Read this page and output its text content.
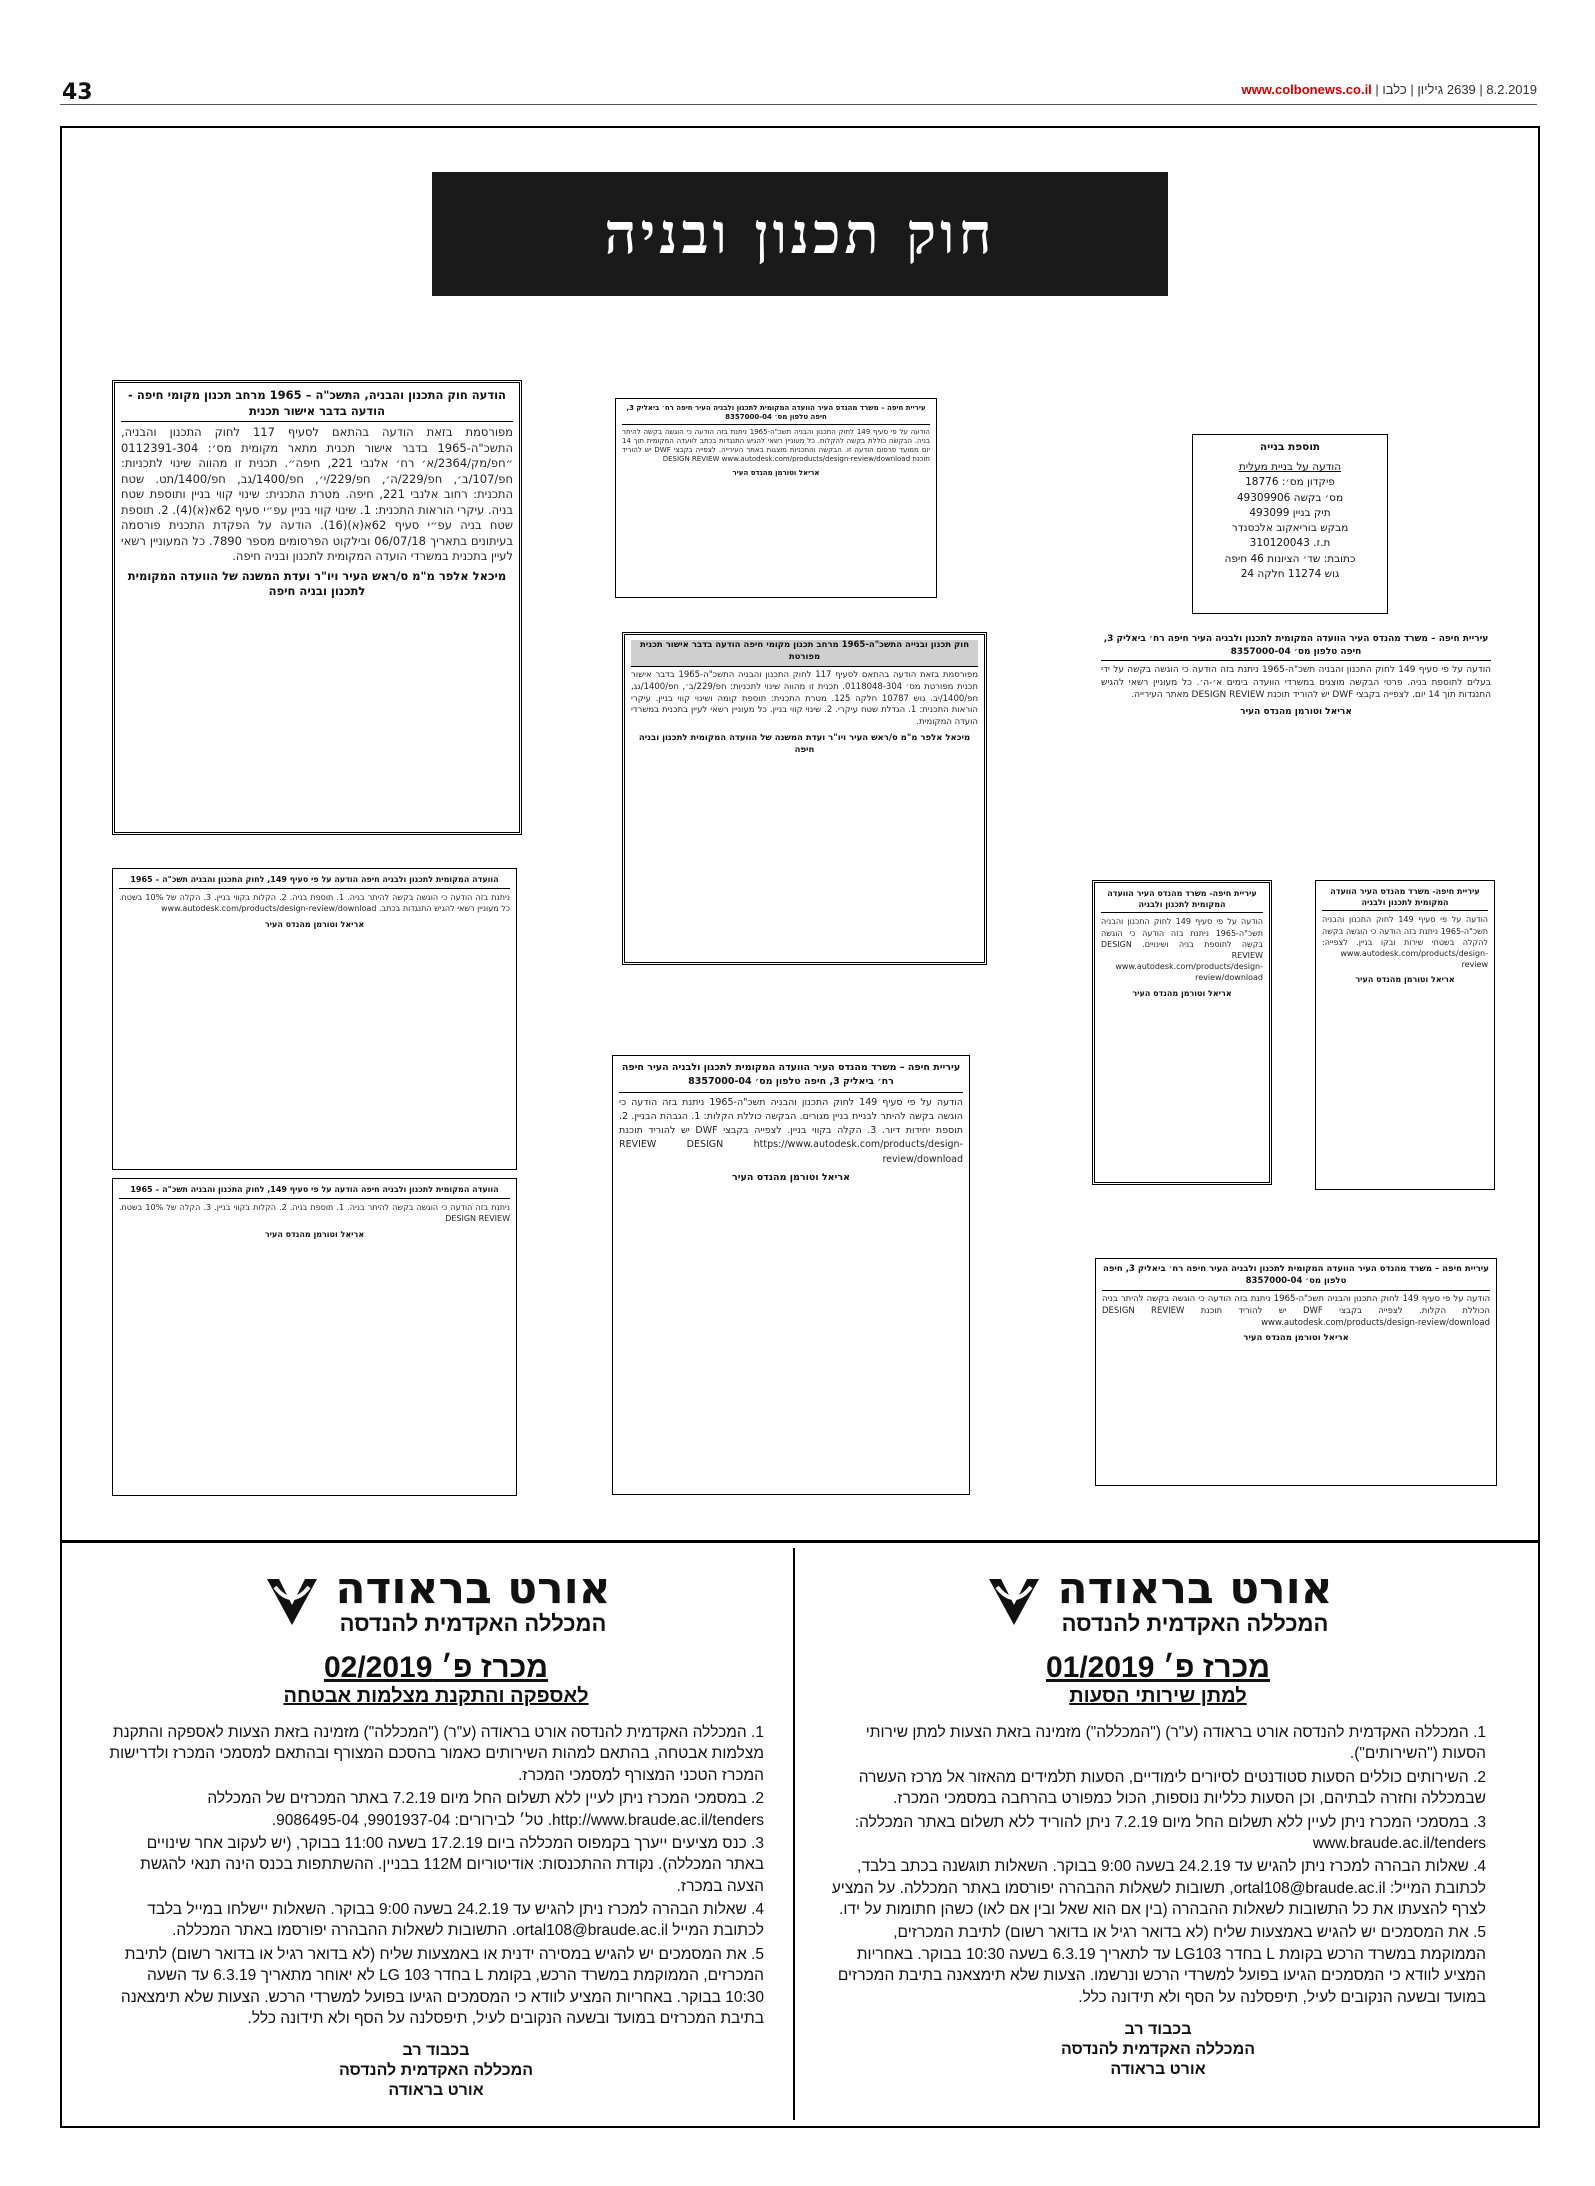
43	8.2.2019 | 2639 גיליון | כלבו | www.colbonews.co.il
חוק תכנון ובניה
הודעה חוק התכנון והבניה, התשכ"ה – 1965 מרחב תכנון מקומי חיפה - הודעה בדבר אישור תכנית
מפורסמת בזאת הודעה בהתאם לסעיף 117 לחוק התכנון והבניה, התשכ"ה-1965 בדבר אישור תכנית מתאר מקומית מס׳: 0112391-304 ״חפ/מק/2364/א׳ רח׳ אלנבי 221, חיפה״. תכנית זו מהווה שינוי לתכניות: חפ/107/ב׳, חפ/229/ה׳, חפ/229/י׳, חפ/1400/גב, חפ/1400/תט. שטח התכנית: רחוב אלנבי 221, חיפה. מטרת התכנית: שינוי קווי בניין ותוספת שטח בניה. עיקרי הוראות התכנית: 1. שינוי קווי בניין עפ״י סעיף 62א(א)(4). 2. תוספת שטח בניה עפ״י סעיף 62א(א)(16). הודעה על הפקדת התכנית פורסמה בעיתונים בתאריך 06/07/18 ובילקוט הפרסומים מספר 7890. כל המעוניין רשאי לעיין בתכנית במשרדי הועדה המקומית לתכנון ובניה חיפה.
מיכאל אלפר מ"מ ס/ראש העיר ויו"ר ועדת המשנה של הוועדה המקומית לתכנון ובניה חיפה
עיריית חיפה – משרד מהנדס העיר הוועדה המקומית לתכנון ולבניה העיר חיפה רח׳ ביאליק 3, חיפה טלפון מס׳ 8357000-04
הודעה על פי סעיף 149 לחוק התכנון והבניה תשכ"ה-1965 ניתנת בזה הודעה כי הוגשה בקשה להיתר בניה. הבקשה כוללת בקשה להקלות. כל מעוניין רשאי להגיש התנגדות בכתב לוועדה המקומית תוך 14 יום ממועד פרסום הודעה זו. הבקשה והתכניות מוצגות באתר העירייה. לצפייה בקבצי DWF יש להוריד תוכנת DESIGN REVIEW www.autodesk.com/products/design-review/download
אריאל וטורמן מהנדס העיר
תוספת בנייה
הודעה על בניית מעלית
פיקדון מס׳: 18776
מס׳ בקשה 49309906
תיק בניין 493099
מבקש בוריאקוב אלכסנדר
ת.ז. 310120043
כתובת: שד׳ הציונות 46 חיפה
גוש 11274 חלקה 24
עיריית חיפה – משרד מהנדס העיר הוועדה המקומית לתכנון ולבניה העיר חיפה רח׳ ביאליק 3, חיפה טלפון מס׳ 8357000-04
הודעה על פי סעיף 149 לחוק התכנון והבניה תשכ"ה-1965 ניתנת בזה הודעה כי הוגשה בקשה על ידי בעלים לתוספת בניה. פרטי הבקשה מוצגים במשרדי הוועדה בימים א׳-ה׳. כל מעוניין רשאי להגיש התנגדות תוך 14 יום. לצפייה בקבצי DWF יש להוריד תוכנת DESIGN REVIEW מאתר העירייה.
אריאל וטורמן מהנדס העיר
חוק תכנון ובנייה התשכ"ה-1965 מרחב תכנון מקומי חיפה הודעה בדבר אישור תכנית מפורטת
מפורסמת בזאת הודעה בהתאם לסעיף 117 לחוק התכנון והבניה התשכ"ה-1965 בדבר אישור תכנית מפורטת מס׳ 0118048-304. תכנית זו מהווה שינוי לתכניות: חפ/229/ב׳, חפ/1400/גג, חפ/1400/יב. גוש 10787 חלקה 125. מטרת התכנית: תוספת קומה ושינוי קווי בניין. עיקרי הוראות התכנית: 1. הגדלת שטח עיקרי. 2. שינוי קווי בניין. כל מעוניין רשאי לעיין בתכנית במשרדי הועדה המקומית.
מיכאל אלפר מ"מ ס/ראש העיר ויו"ר ועדת המשנה של הוועדה המקומית לתכנון ובניה חיפה
הוועדה המקומית לתכנון ולבניה חיפה הודעה על פי סעיף 149, לחוק התכנון והבניה תשכ"ה – 1965
ניתנת בזה הודעה כי הוגשה בקשה להיתר בניה. 1. תוספת בניה. 2. הקלות בקווי בניין. 3. הקלה של 10% בשטח. כל מעוניין רשאי להגיש התנגדות בכתב. www.autodesk.com/products/design-review/download
אריאל וטורמן מהנדס העיר
עיריית חיפה – משרד מהנדס העיר הוועדה המקומית לתכנון ולבניה העיר חיפה רח׳ ביאליק 3, חיפה טלפון מס׳ 8357000-04
הודעה על פי סעיף 149 לחוק התכנון והבניה תשכ"ה-1965 ניתנת בזה הודעה כי הוגשה בקשה להיתר לבניית בניין מגורים. הבקשה כוללת הקלות: 1. הגבהת הבניין. 2. תוספת יחידות דיור. 3. הקלה בקווי בניין. לצפייה בקבצי DWF יש להוריד תוכנת REVIEW DESIGN https://www.autodesk.com/products/design-review/download
אריאל וטורמן מהנדס העיר
עיריית חיפה- משרד מהנדס העיר הוועדה המקומית לתכנון ולבניה
הודעה על פי סעיף 149 לחוק התכנון והבניה תשכ"ה-1965 ניתנת בזה הודעה כי הוגשה בקשה לתוספת בניה ושינויים. DESIGN REVIEW www.autodesk.com/products/design-review/download
אריאל וטורמן מהנדס העיר
עיריית חיפה- משרד מהנדס העיר הוועדה המקומית לתכנון ולבניה
הודעה על פי סעיף 149 לחוק התכנון והבניה תשכ"ה-1965 ניתנת בזה הודעה כי הוגשה בקשה להקלה בשטחי שירות ובקו בניין. לצפייה: www.autodesk.com/products/design-review
אריאל וטורמן מהנדס העיר
הוועדה המקומית לתכנון ולבניה חיפה הודעה על פי סעיף 149, לחוק התכנון והבניה תשכ"ה – 1965
ניתנת בזה הודעה כי הוגשה בקשה להיתר בניה. 1. תוספת בניה. 2. הקלות בקווי בניין. 3. הקלה של 10% בשטח. DESIGN REVIEW
אריאל וטורמן מהנדס העיר
עיריית חיפה – משרד מהנדס העיר הוועדה המקומית לתכנון ולבניה העיר חיפה רח׳ ביאליק 3, חיפה טלפון מס׳ 8357000-04
הודעה על פי סעיף 149 לחוק התכנון והבניה תשכ"ה-1965 ניתנת בזה הודעה כי הוגשה בקשה להיתר בניה הכוללת הקלות. לצפייה בקבצי DWF יש להוריד תוכנת DESIGN REVIEW www.autodesk.com/products/design-review/download
אריאל וטורמן מהנדס העיר
אורט בראודה
המכללה האקדמית להנדסה
מכרז פ׳ 01/2019
למתן שירותי הסעות
1. המכללה האקדמית להנדסה אורט בראודה (ע"ר) ("המכללה") מזמינה בזאת הצעות למתן שירותי הסעות ("השירותים").
2. השירותים כוללים הסעות סטודנטים לסיורים לימודיים, הסעות תלמידים מהאזור אל מרכז העשרה שבמכללה וחזרה לבתיהם, וכן הסעות כלליות נוספות, הכול כמפורט בהרחבה במסמכי המכרז.
3. במסמכי המכרז ניתן לעיין ללא תשלום החל מיום 7.2.19 ניתן להוריד ללא תשלום באתר המכללה: www.braude.ac.il/tenders
4. שאלות הבהרה למכרז ניתן להגיש עד 24.2.19 בשעה 9:00 בבוקר. השאלות תוגשנה בכתב בלבד, לכתובת המייל: ortal108@braude.ac.il, תשובות לשאלות ההבהרה יפורסמו באתר המכללה. על המציע לצרף להצעתו את כל התשובות לשאלות ההבהרה (בין אם הוא שאל ובין אם לאו) כשהן חתומות על ידו.
5. את המסמכים יש להגיש באמצעות שליח (לא בדואר רגיל או בדואר רשום) לתיבת המכרזים, הממוקמת במשרד הרכש בקומת L בחדר LG103 עד לתאריך 6.3.19 בשעה 10:30 בבוקר. באחריות המציע לוודא כי המסמכים הגיעו בפועל למשרדי הרכש ונרשמו. הצעות שלא תימצאנה בתיבת המכרזים במועד ובשעה הנקובים לעיל, תיפסלנה על הסף ולא תידונה כלל.
בכבוד רב
המכללה האקדמית להנדסה
אורט בראודה
אורט בראודה
המכללה האקדמית להנדסה
מכרז פ׳ 02/2019
לאספקה והתקנת מצלמות אבטחה
1. המכללה האקדמית להנדסה אורט בראודה (ע"ר) ("המכללה") מזמינה בזאת הצעות לאספקה והתקנת מצלמות אבטחה, בהתאם למהות השירותים כאמור בהסכם המצורף ובהתאם למסמכי המכרז ולדרישות המכרז הטכני המצורף למסמכי המכרז.
2. במסמכי המכרז ניתן לעיין ללא תשלום החל מיום 7.2.19 באתר המכרזים של המכללה http://www.braude.ac.il/tenders. טל׳ לבירורים: 9901937-04, 9086495-04.
3. כנס מציעים ייערך בקמפוס המכללה ביום 17.2.19 בשעה 11:00 בבוקר, (יש לעקוב אחר שינויים באתר המכללה). נקודת ההתכנסות: אודיטוריום 112M בבניין. ההשתתפות בכנס הינה תנאי להגשת הצעה במכרז.
4. שאלות הבהרה למכרז ניתן להגיש עד 24.2.19 בשעה 9:00 בבוקר. השאלות יישלחו במייל בלבד לכתובת המייל ortal108@braude.ac.il. התשובות לשאלות ההבהרה יפורסמו באתר המכללה.
5. את המסמכים יש להגיש במסירה ידנית או באמצעות שליח (לא בדואר רגיל או בדואר רשום) לתיבת המכרזים, הממוקמת במשרד הרכש, בקומת L בחדר LG 103 לא יאוחר מתאריך 6.3.19 עד השעה 10:30 בבוקר. באחריות המציע לוודא כי המסמכים הגיעו בפועל למשרדי הרכש. הצעות שלא תימצאנה בתיבת המכרזים במועד ובשעה הנקובים לעיל, תיפסלנה על הסף ולא תידונה כלל.
בכבוד רב
המכללה האקדמית להנדסה
אורט בראודה
